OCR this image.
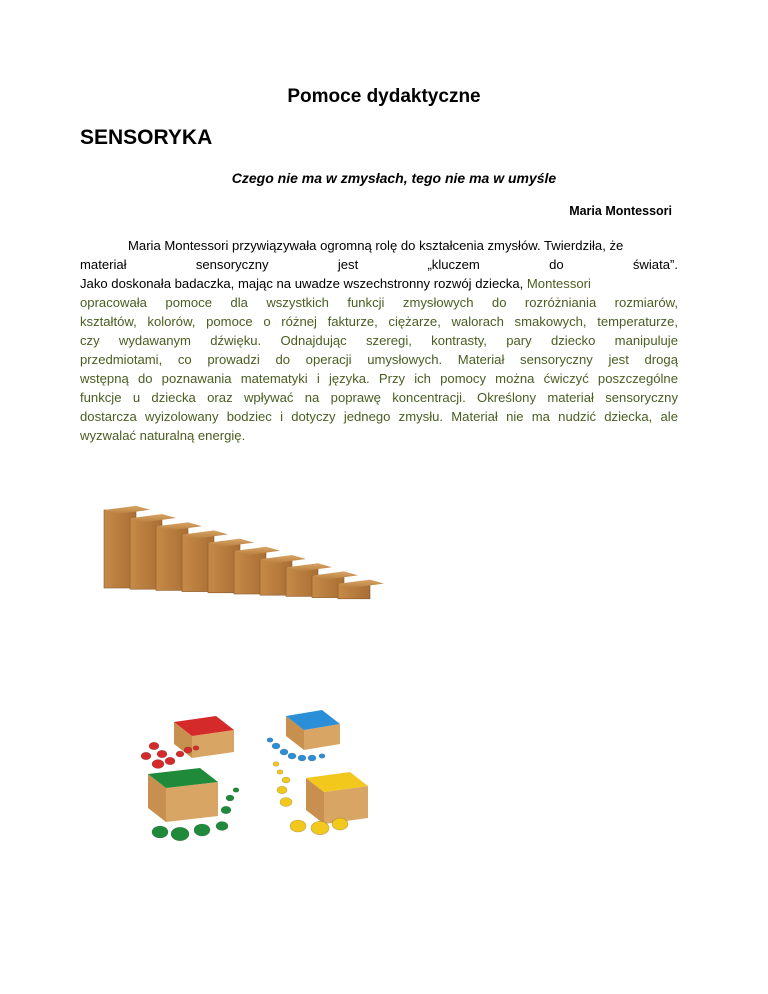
Pomoce dydaktyczne
SENSORYKA
Czego nie ma w zmysłach, tego nie ma w umyśle
Maria Montessori
Maria Montessori przywiązywała ogromną rolę do kształcenia zmysłów. Twierdziła, że
materiał sensoryczny jest „kluczem do świata”.
Jako doskonała badaczka, mając na uwadze wszechstronny rozwój dziecka, Montessori
opracowała pomoce dla wszystkich funkcji zmysłowych do rozróżniania rozmiarów,
kształtów, kolorów, pomoce o różnej fakturze, ciężarze, walorach smakowych, temperaturze,
czy wydawanym dźwięku. Odnajdując szeregi, kontrasty, pary dziecko manipuluje
przedmiotami, co prowadzi do operacji umysłowych. Materiał sensoryczny jest drogą
wstępną do poznawania matematyki i języka. Przy ich pomocy można ćwiczyć poszczególne
funkcje u dziecka oraz wpływać na poprawę koncentracji. Określony materiał sensoryczny
dostarcza wyizolowany bodziec i dotyczy jednego zmysłu. Materiał nie ma nudzić dziecka, ale
wyzwalać naturalną energię.
